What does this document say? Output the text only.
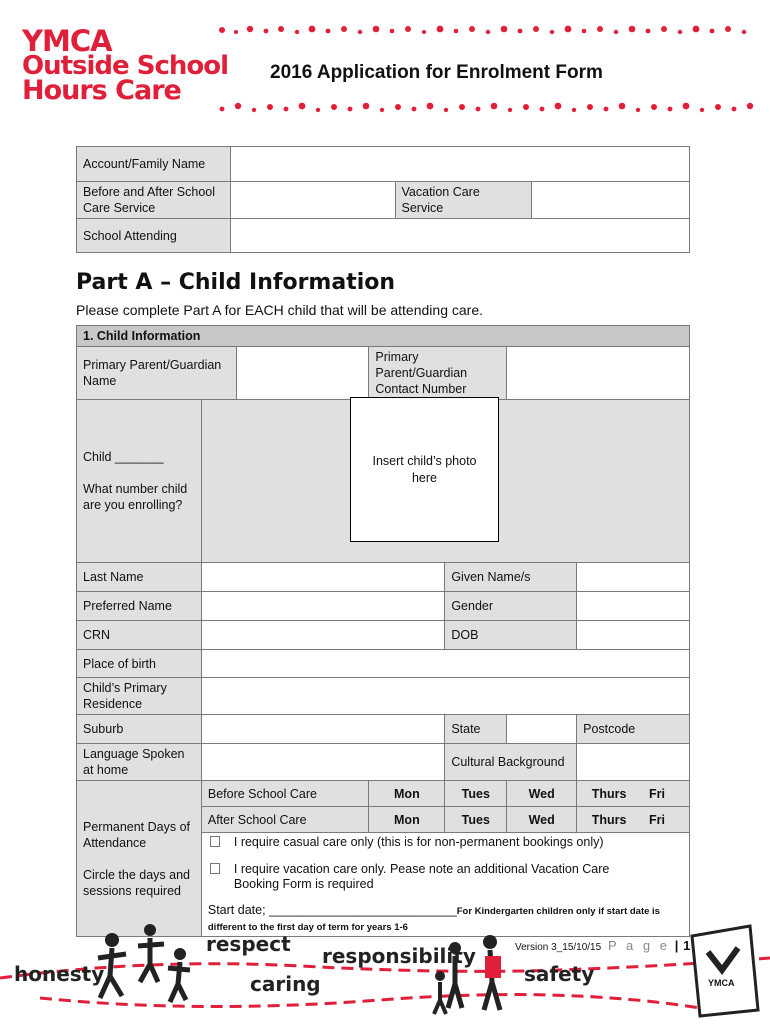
YMCA
Outside School
Hours Care
2016 Application for Enrolment Form
Account/Family Name			
Before and After School
Care Service		Vacation Care
Service	
School Attending			
Part A – Child Information
Please complete Part A for EACH child that will be attending care.
1. Child Information						
Primary Parent/Guardian
Name			Primary Parent/Guardian
Contact Number			
Child _______

What number child
are you enrolling?						
Last Name				Given Name/s		
Preferred Name				Gender		
CRN				DOB		
Place of birth						
Child’s Primary
Residence						
Suburb				State		Postcode
Language Spoken
at home				Cultural Background		
Permanent Days of
Attendance

Circle the days and
sessions required	Before School Care		Mon	Tues	Wed	Thurs Fri
	After School Care		Mon	Tues	Wed	Thurs Fri

I require casual care only (this is for non-permanent bookings only)
I require vacation care only. Pease note an additional Vacation Care
Booking Form is required
Start date; ___________________________For Kindergarten children only if start date is
different to the first day of term for years 1-6					
Insert child’s photo
here
respect responsibility
honesty	caring	safety	YMCA
Version 3_15/10/15 P a g e | 1
